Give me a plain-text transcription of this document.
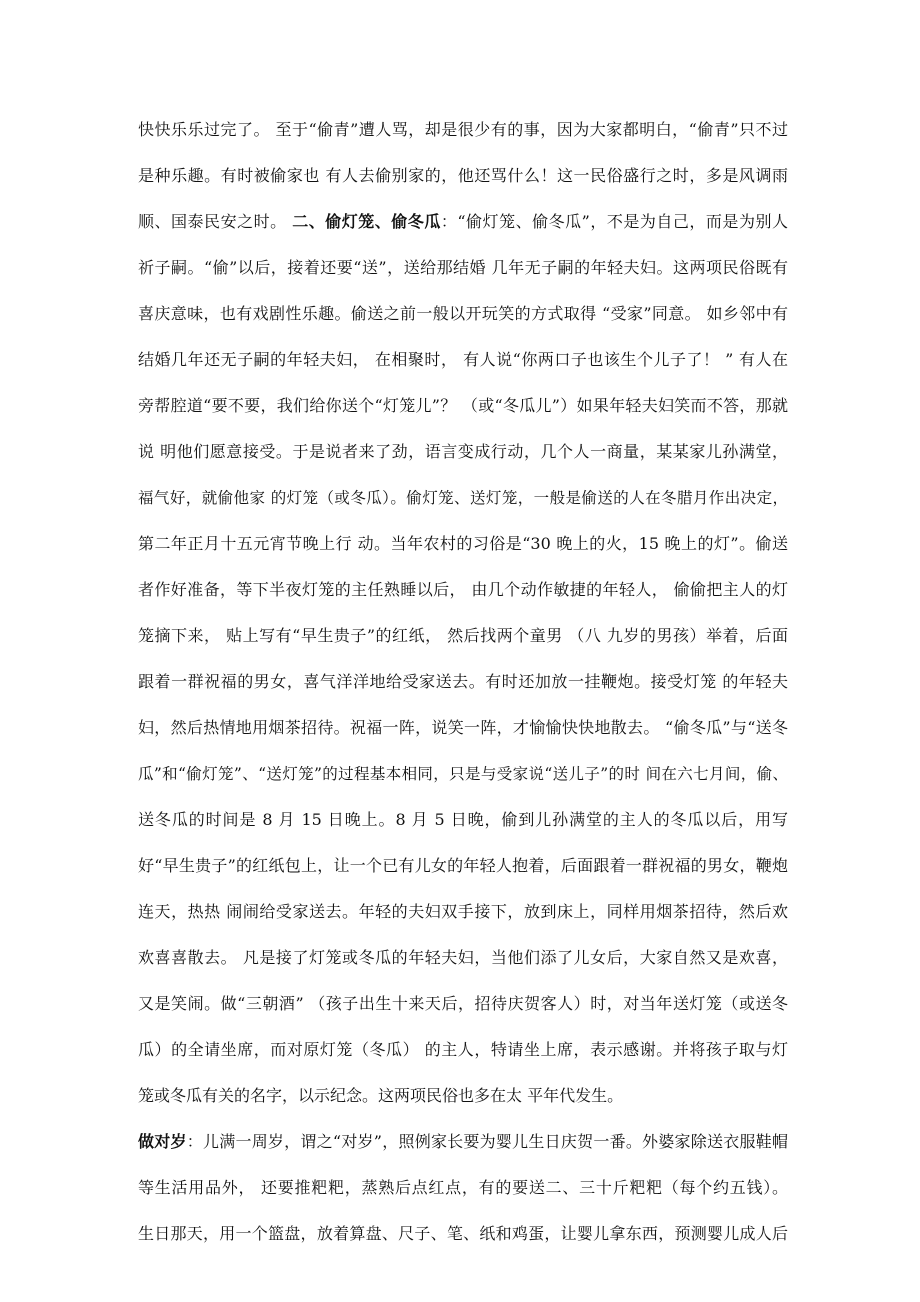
快快乐乐过完了。 至于“偷青”遭人骂，却是很少有的事，因为大家都明白，“偷青”只不过
是种乐趣。有时被偷家也 有人去偷别家的，他还骂什么！这一民俗盛行之时，多是风调雨
顺、国泰民安之时。 二、偷灯笼、偷冬瓜：“偷灯笼、偷冬瓜”，不是为自己，而是为别人
祈子嗣。“偷”以后，接着还要“送”，送给那结婚 几年无子嗣的年轻夫妇。这两项民俗既有
喜庆意味，也有戏剧性乐趣。偷送之前一般以开玩笑的方式取得 “受家”同意。 如乡邻中有
结婚几年还无子嗣的年轻夫妇， 在相聚时， 有人说“你两口子也该生个儿子了！ ” 有人在
旁帮腔道“要不要，我们给你送个“灯笼儿”？ （或“冬瓜儿”）如果年轻夫妇笑而不答，那就
说 明他们愿意接受。于是说者来了劲，语言变成行动，几个人一商量，某某家儿孙满堂，
福气好，就偷他家 的灯笼（或冬瓜）。偷灯笼、送灯笼，一般是偷送的人在冬腊月作出决定，
第二年正月十五元宵节晚上行 动。当年农村的习俗是“30 晚上的火，15 晚上的灯”。偷送
者作好准备，等下半夜灯笼的主任熟睡以后， 由几个动作敏捷的年轻人， 偷偷把主人的灯
笼摘下来， 贴上写有“早生贵子”的红纸， 然后找两个童男 （八 九岁的男孩）举着，后面
跟着一群祝福的男女，喜气洋洋地给受家送去。有时还加放一挂鞭炮。接受灯笼 的年轻夫
妇，然后热情地用烟茶招待。祝福一阵，说笑一阵，才愉愉快快地散去。 “偷冬瓜”与“送冬
瓜”和“偷灯笼”、“送灯笼”的过程基本相同，只是与受家说“送儿子”的时 间在六七月间，偷、
送冬瓜的时间是 8 月 15 日晚上。8 月 5 日晚，偷到儿孙满堂的主人的冬瓜以后，用写
好“早生贵子”的红纸包上，让一个已有儿女的年轻人抱着，后面跟着一群祝福的男女，鞭炮
连天，热热 闹闹给受家送去。年轻的夫妇双手接下，放到床上，同样用烟茶招待，然后欢
欢喜喜散去。 凡是接了灯笼或冬瓜的年轻夫妇，当他们添了儿女后，大家自然又是欢喜，
又是笑闹。做“三朝酒” （孩子出生十来天后，招待庆贺客人）时，对当年送灯笼（或送冬
瓜）的全请坐席，而对原灯笼（冬瓜） 的主人，特请坐上席，表示感谢。并将孩子取与灯
笼或冬瓜有关的名字，以示纪念。这两项民俗也多在太 平年代发生。
做对岁：儿满一周岁，谓之“对岁”，照例家长要为婴儿生日庆贺一番。外婆家除送衣服鞋帽
等生活用品外， 还要推粑粑，蒸熟后点红点，有的要送二、三十斤粑粑（每个约五钱）。
生日那天，用一个篮盘，放着算盘、尺子、笔、纸和鸡蛋，让婴儿拿东西，预测婴儿成人后
